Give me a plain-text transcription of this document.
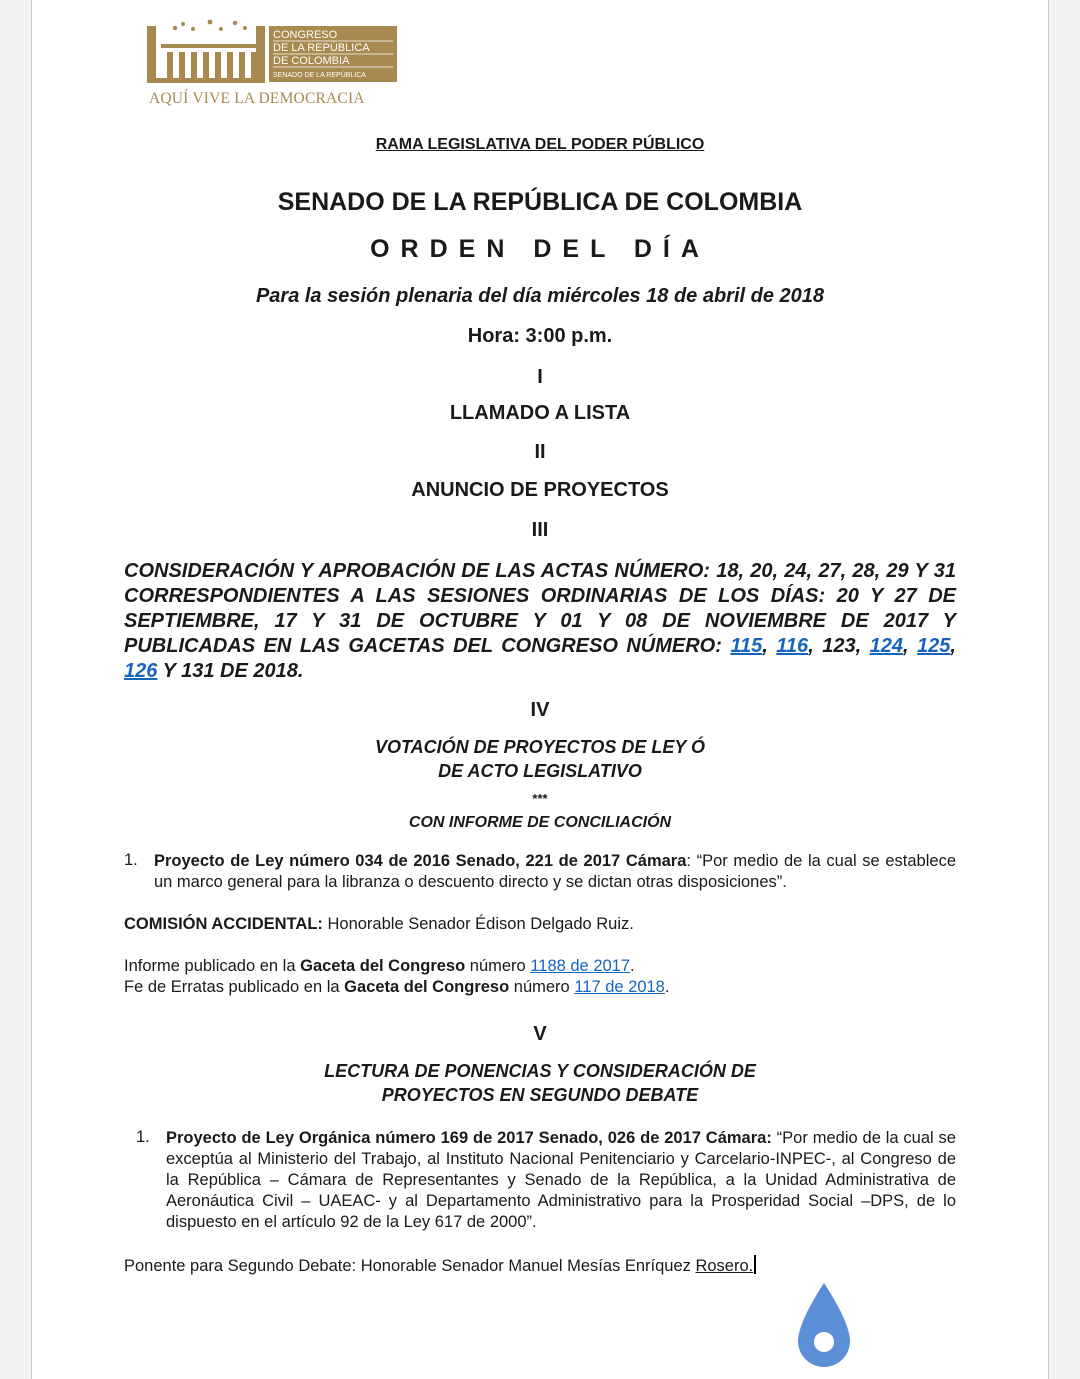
CONGRESO
DE LA REPÚBLICA
DE COLOMBIA
SENADO DE LA REPÚBLICA

AQUÍ VIVE LA DEMOCRACIA

RAMA LEGISLATIVA DEL PODER PÚBLICO

SENADO DE LA REPÚBLICA DE COLOMBIA

ORDEN DEL DÍA

Para la sesión plenaria del día miércoles 18 de abril de 2018

Hora: 3:00 p.m.

I

LLAMADO A LISTA

II

ANUNCIO DE PROYECTOS

III

CONSIDERACIÓN Y APROBACIÓN DE LAS ACTAS NÚMERO: 18, 20, 24, 27, 28, 29 Y 31 CORRESPONDIENTES A LAS SESIONES ORDINARIAS DE LOS DÍAS: 20 Y 27 DE SEPTIEMBRE, 17 Y 31 DE OCTUBRE Y 01 Y 08 DE NOVIEMBRE DE 2017 Y PUBLICADAS EN LAS GACETAS DEL CONGRESO NÚMERO: 115, 116, 123, 124, 125, 126 Y 131 DE 2018.

IV

VOTACIÓN DE PROYECTOS DE LEY Ó

DE ACTO LEGISLATIVO

***

CON INFORME DE CONCILIACIÓN

1. Proyecto de Ley número 034 de 2016 Senado, 221 de 2017 Cámara: “Por medio de la cual se establece un marco general para la libranza o descuento directo y se dictan otras disposiciones”.

COMISIÓN ACCIDENTAL: Honorable Senador Édison Delgado Ruiz.

Informe publicado en la Gaceta del Congreso número 1188 de 2017.

Fe de Erratas publicado en la Gaceta del Congreso número 117 de 2018.

V

LECTURA DE PONENCIAS Y CONSIDERACIÓN DE

PROYECTOS EN SEGUNDO DEBATE

1. Proyecto de Ley Orgánica número 169 de 2017 Senado, 026 de 2017 Cámara: “Por medio de la cual se exceptúa al Ministerio del Trabajo, al Instituto Nacional Penitenciario y Carcelario-INPEC-, al Congreso de la República – Cámara de Representantes y Senado de la República, a la Unidad Administrativa de Aeronáutica Civil – UAEAC- y al Departamento Administrativo para la Prosperidad Social –DPS, de lo dispuesto en el artículo 92 de la Ley 617 de 2000”.

Ponente para Segundo Debate: Honorable Senador Manuel Mesías Enríquez Rosero.
